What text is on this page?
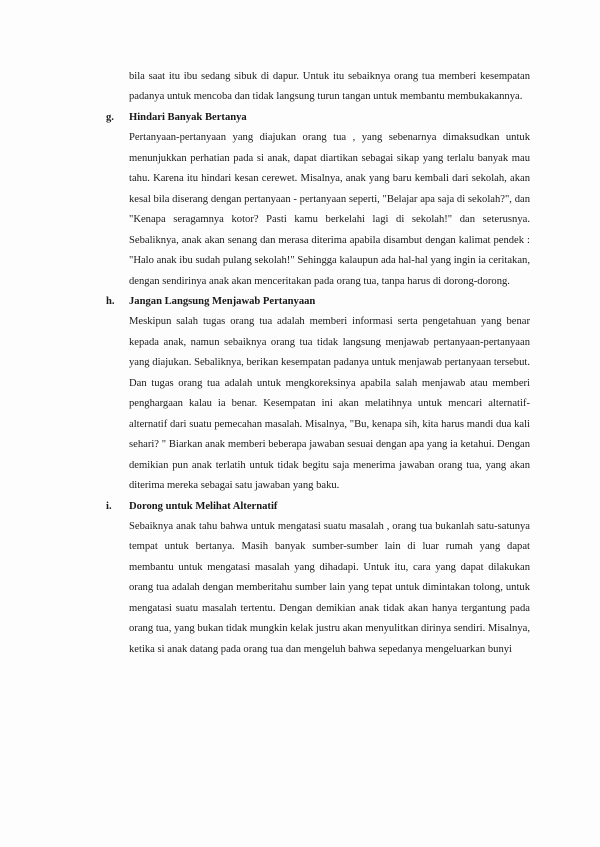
bila saat itu ibu sedang sibuk di dapur. Untuk itu sebaiknya orang tua memberi kesempatan padanya untuk mencoba dan tidak langsung turun tangan untuk membantu membukakannya.

g. Hindari Banyak Bertanya

Pertanyaan-pertanyaan yang diajukan orang tua , yang sebenarnya dimaksudkan untuk menunjukkan perhatian pada si anak, dapat diartikan sebagai sikap yang terlalu banyak mau tahu. Karena itu hindari kesan cerewet. Misalnya, anak yang baru kembali dari sekolah, akan kesal bila diserang dengan pertanyaan - pertanyaan seperti, "Belajar apa saja di sekolah?", dan "Kenapa seragamnya kotor? Pasti kamu berkelahi lagi di sekolah!" dan seterusnya. Sebaliknya, anak akan senang dan merasa diterima apabila disambut dengan kalimat pendek : "Halo anak ibu sudah pulang sekolah!" Sehingga kalaupun ada hal-hal yang ingin ia ceritakan, dengan sendirinya anak akan menceritakan pada orang tua, tanpa harus di dorong-dorong.

h. Jangan Langsung Menjawab Pertanyaan

Meskipun salah tugas orang tua adalah memberi informasi serta pengetahuan yang benar kepada anak, namun sebaiknya orang tua tidak langsung menjawab pertanyaan-pertanyaan yang diajukan. Sebaliknya, berikan kesempatan padanya untuk menjawab pertanyaan tersebut. Dan tugas orang tua adalah untuk mengkoreksinya apabila salah menjawab atau memberi penghargaan kalau ia benar. Kesempatan ini akan melatihnya untuk mencari alternatif-alternatif dari suatu pemecahan masalah. Misalnya, "Bu, kenapa sih, kita harus mandi dua kali sehari? " Biarkan anak memberi beberapa jawaban sesuai dengan apa yang ia ketahui. Dengan demikian pun anak terlatih untuk tidak begitu saja menerima jawaban orang tua, yang akan diterima mereka sebagai satu jawaban yang baku.

i. Dorong untuk Melihat Alternatif

Sebaiknya anak tahu bahwa untuk mengatasi suatu masalah , orang tua bukanlah satu-satunya tempat untuk bertanya. Masih banyak sumber-sumber lain di luar rumah yang dapat membantu untuk mengatasi masalah yang dihadapi. Untuk itu, cara yang dapat dilakukan orang tua adalah dengan memberitahu sumber lain yang tepat untuk dimintakan tolong, untuk mengatasi suatu masalah tertentu. Dengan demikian anak tidak akan hanya tergantung pada orang tua, yang bukan tidak mungkin kelak justru akan menyulitkan dirinya sendiri. Misalnya, ketika si anak datang pada orang tua dan mengeluh bahwa sepedanya mengeluarkan bunyi
